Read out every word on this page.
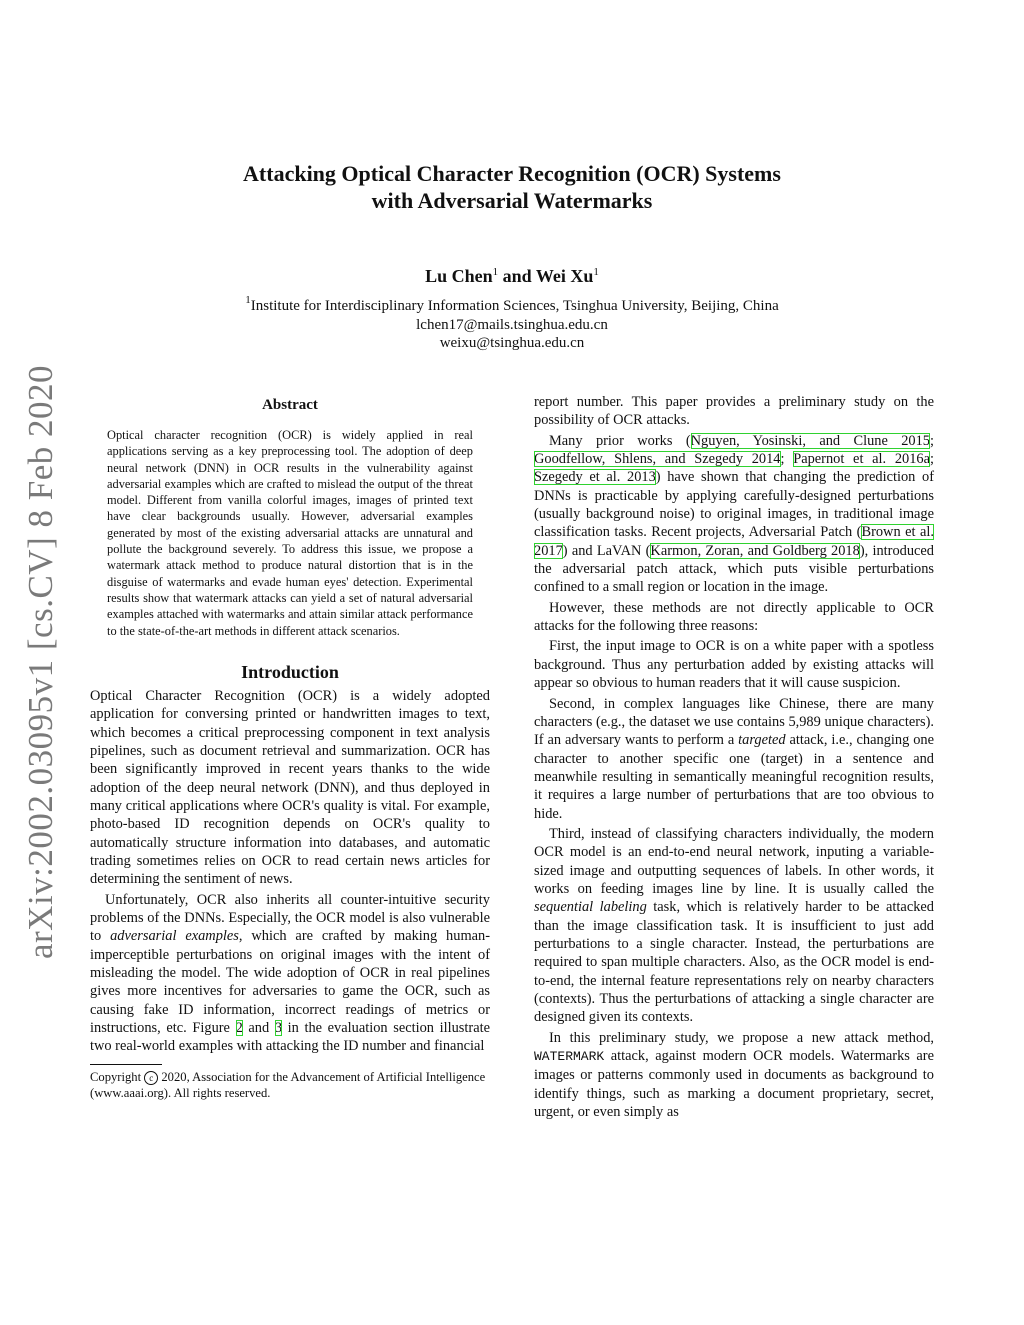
arXiv:2002.03095v1 [cs.CV] 8 Feb 2020
Attacking Optical Character Recognition (OCR) Systems
with Adversarial Watermarks
Lu Chen$^1$ and Wei Xu$^1$
$^1$Institute for Interdisciplinary Information Sciences, Tsinghua University, Beijing, China
lchen17@mails.tsinghua.edu.cn
weixu@tsinghua.edu.cn
Abstract

Optical character recognition (OCR) is widely applied in real applications serving as a key preprocessing tool. The adoption of deep neural network (DNN) in OCR results in the vulnerability against adversarial examples which are crafted to mislead the output of the threat model. Different from vanilla colorful images, images of printed text have clear backgrounds usually. However, adversarial examples generated by most of the existing adversarial attacks are unnatural and pollute the background severely. To address this issue, we propose a watermark attack method to produce natural distortion that is in the disguise of watermarks and evade human eyes' detection. Experimental results show that watermark attacks can yield a set of natural adversarial examples attached with watermarks and attain similar attack performance to the state-of-the-art methods in different attack scenarios.

Introduction

Optical Character Recognition (OCR) is a widely adopted application for conversing printed or handwritten images to text, which becomes a critical preprocessing component in text analysis pipelines, such as document retrieval and summarization. OCR has been significantly improved in recent years thanks to the wide adoption of the deep neural network (DNN), and thus deployed in many critical applications where OCR's quality is vital. For example, photo-based ID recognition depends on OCR's quality to automatically structure information into databases, and automatic trading sometimes relies on OCR to read certain news articles for determining the sentiment of news.

Unfortunately, OCR also inherits all counter-intuitive security problems of the DNNs. Especially, the OCR model is also vulnerable to adversarial examples, which are crafted by making human-imperceptible perturbations on original images with the intent of misleading the model. The wide adoption of OCR in real pipelines gives more incentives for adversaries to game the OCR, such as causing fake ID information, incorrect readings of metrics or instructions, etc. Figure 2 and 3 in the evaluation section illustrate two real-world examples with attacking the ID number and financial

Copyright c 2020, Association for the Advancement of Artificial Intelligence (www.aaai.org). All rights reserved.

report number. This paper provides a preliminary study on the possibility of OCR attacks.

Many prior works (Nguyen, Yosinski, and Clune 2015; Goodfellow, Shlens, and Szegedy 2014; Papernot et al. 2016a; Szegedy et al. 2013) have shown that changing the prediction of DNNs is practicable by applying carefully-designed perturbations (usually background noise) to original images, in traditional image classification tasks. Recent projects, Adversarial Patch (Brown et al. 2017) and LaVAN (Karmon, Zoran, and Goldberg 2018), introduced the adversarial patch attack, which puts visible perturbations confined to a small region or location in the image.

However, these methods are not directly applicable to OCR attacks for the following three reasons:

First, the input image to OCR is on a white paper with a spotless background. Thus any perturbation added by existing attacks will appear so obvious to human readers that it will cause suspicion.

Second, in complex languages like Chinese, there are many characters (e.g., the dataset we use contains 5,989 unique characters). If an adversary wants to perform a targeted attack, i.e., changing one character to another specific one (target) in a sentence and meanwhile resulting in semantically meaningful recognition results, it requires a large number of perturbations that are too obvious to hide.

Third, instead of classifying characters individually, the modern OCR model is an end-to-end neural network, inputing a variable-sized image and outputting sequences of labels. In other words, it works on feeding images line by line. It is usually called the sequential labeling task, which is relatively harder to be attacked than the image classification task. It is insufficient to just add perturbations to a single character. Instead, the perturbations are required to span multiple characters. Also, as the OCR model is end-to-end, the internal feature representations rely on nearby characters (contexts). Thus the perturbations of attacking a single character are designed given its contexts.

In this preliminary study, we propose a new attack method, WATERMARK attack, against modern OCR models. Watermarks are images or patterns commonly used in documents as background to identify things, such as marking a document proprietary, secret, urgent, or even simply as
